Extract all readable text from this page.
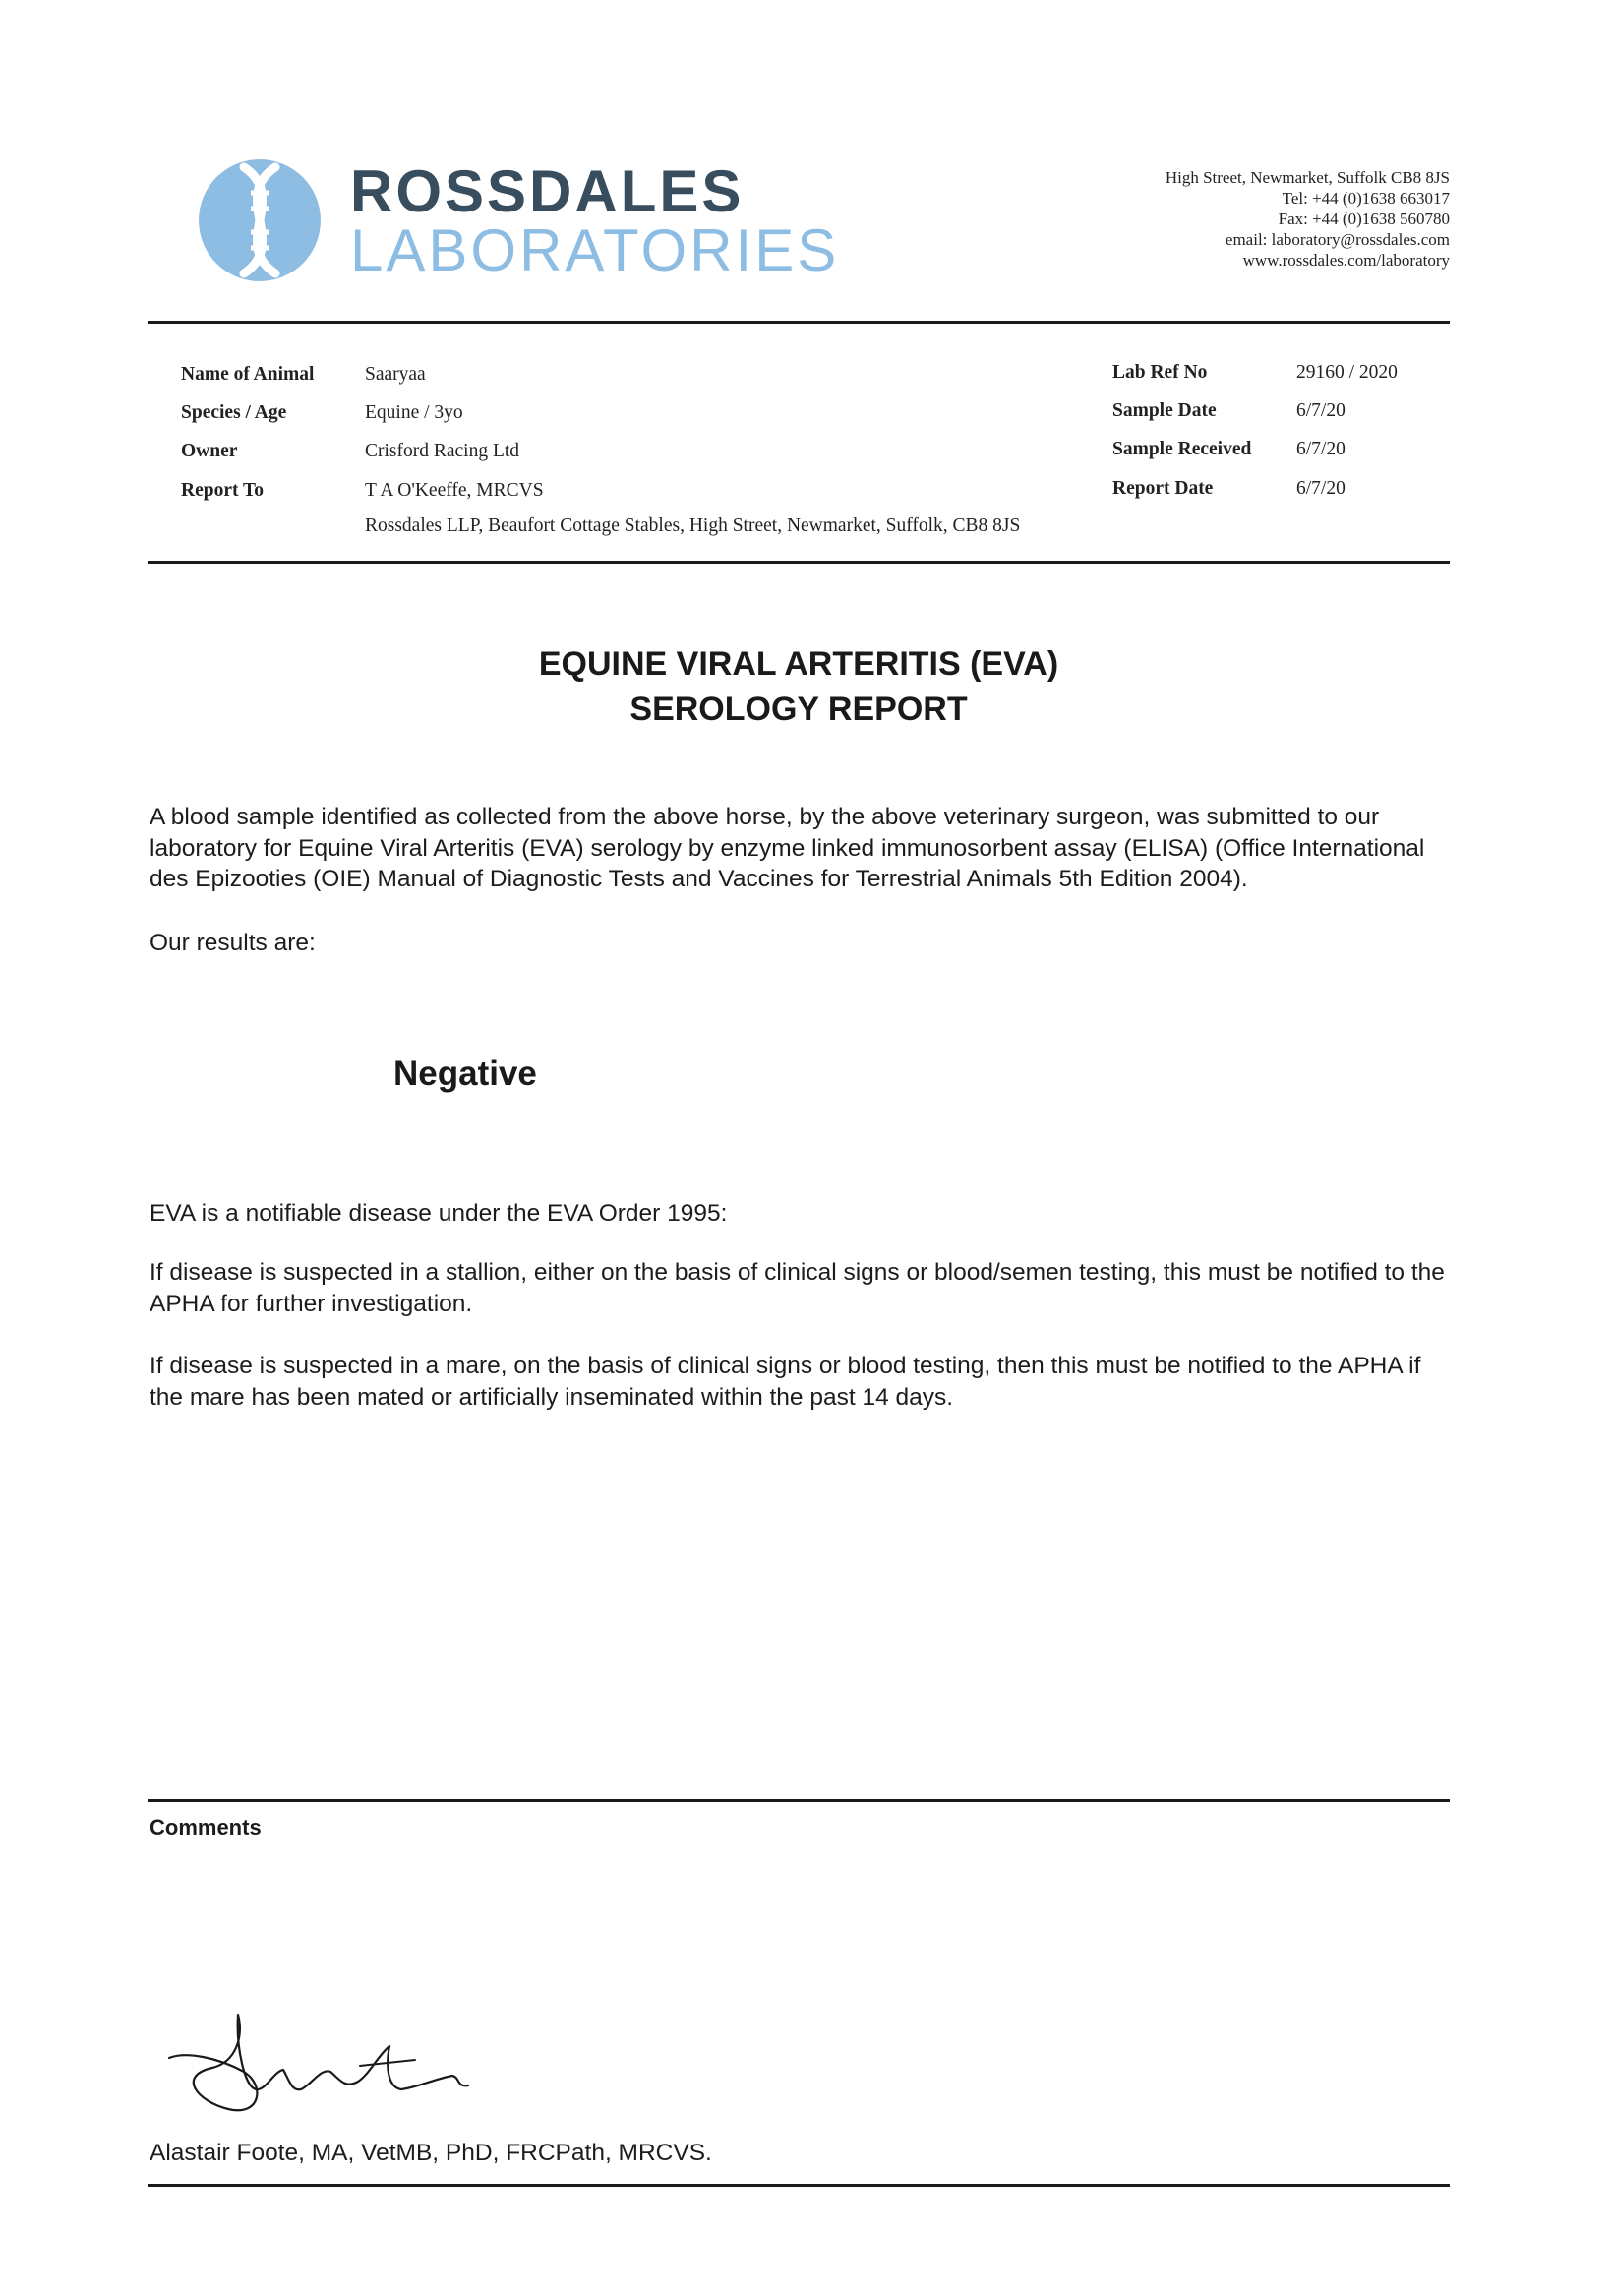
ROSSDALES
LABORATORIES
High Street, Newmarket, Suffolk CB8 8JS
Tel: +44 (0)1638 663017
Fax: +44 (0)1638 560780
email: laboratory@rossdales.com
www.rossdales.com/laboratory
Name of Animal	Saaryaa
Species / Age	Equine / 3yo
Owner	Crisford Racing Ltd
Report To	T A O'Keeffe, MRCVS
Rossdales LLP, Beaufort Cottage Stables, High Street, Newmarket, Suffolk, CB8 8JS
Lab Ref No	29160 / 2020
Sample Date	6/7/20
Sample Received 6/7/20
Report Date	6/7/20
EQUINE VIRAL ARTERITIS (EVA)
SEROLOGY REPORT
A blood sample identified as collected from the above horse, by the above veterinary surgeon, was submitted to our laboratory for Equine Viral Arteritis (EVA) serology by enzyme linked immunosorbent assay (ELISA) (Office International des Epizooties (OIE) Manual of Diagnostic Tests and Vaccines for Terrestrial Animals 5th Edition 2004).
Our results are:
Negative
EVA is a notifiable disease under the EVA Order 1995:
If disease is suspected in a stallion, either on the basis of clinical signs or blood/semen testing, this must be notified to the APHA for further investigation.
If disease is suspected in a mare, on the basis of clinical signs or blood testing, then this must be notified to the APHA if the mare has been mated or artificially inseminated within the past 14 days.
Comments
Alastair Foote, MA, VetMB, PhD, FRCPath, MRCVS.
